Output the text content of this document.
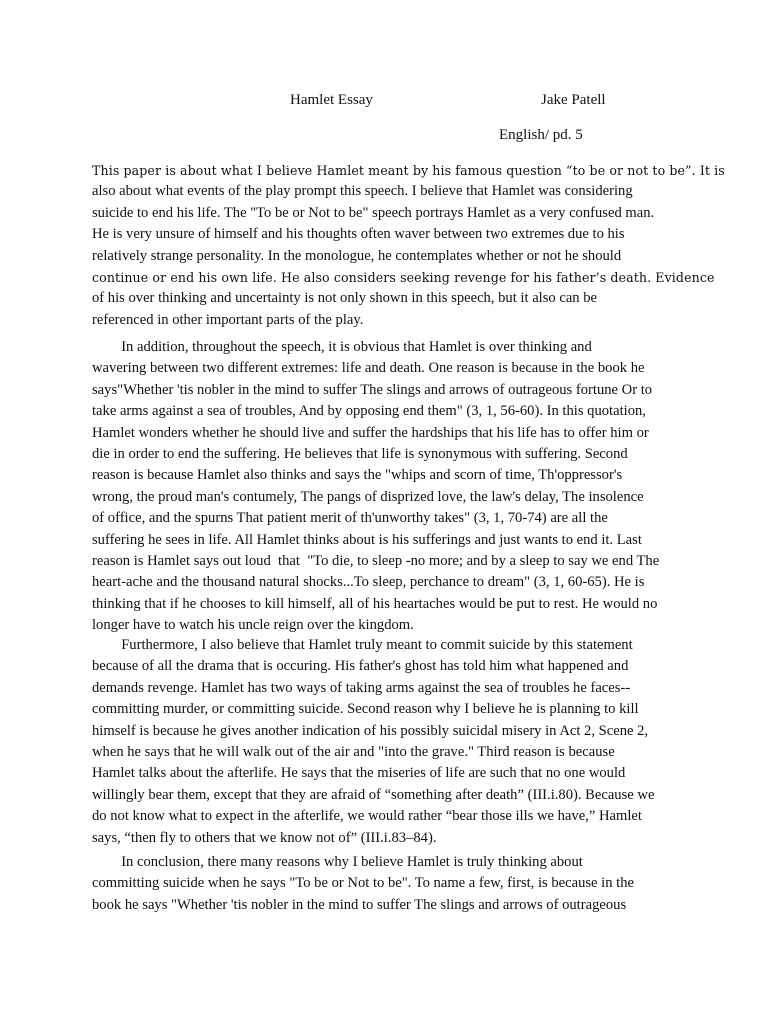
Hamlet Essay	Jake Patell
English/ pd. 5
This paper is about what I believe Hamlet meant by his famous question “to be or not to be”. It is
also about what events of the play prompt this speech. I believe that Hamlet was considering
suicide to end his life. The "To be or Not to be" speech portrays Hamlet as a very confused man.
He is very unsure of himself and his thoughts often waver between two extremes due to his
relatively strange personality. In the monologue, he contemplates whether or not he should
continue or end his own life. He also considers seeking revenge for his father’s death. Evidence
of his over thinking and uncertainty is not only shown in this speech, but it also can be
referenced in other important parts of the play.
In addition, throughout the speech, it is obvious that Hamlet is over thinking and
wavering between two different extremes: life and death. One reason is because in the book he
says"Whether 'tis nobler in the mind to suffer The slings and arrows of outrageous fortune Or to
take arms against a sea of troubles, And by opposing end them" (3, 1, 56-60). In this quotation,
Hamlet wonders whether he should live and suffer the hardships that his life has to offer him or
die in order to end the suffering. He believes that life is synonymous with suffering. Second
reason is because Hamlet also thinks and says the "whips and scorn of time, Th'oppressor's
wrong, the proud man's contumely, The pangs of disprized love, the law's delay, The insolence
of office, and the spurns That patient merit of th'unworthy takes" (3, 1, 70-74) are all the
suffering he sees in life. All Hamlet thinks about is his sufferings and just wants to end it. Last
reason is Hamlet says out loud  that  "To die, to sleep -no more; and by a sleep to say we end The
heart-ache and the thousand natural shocks...To sleep, perchance to dream" (3, 1, 60-65). He is
thinking that if he chooses to kill himself, all of his heartaches would be put to rest. He would no
longer have to watch his uncle reign over the kingdom.
Furthermore, I also believe that Hamlet truly meant to commit suicide by this statement
because of all the drama that is occuring. His father's ghost has told him what happened and
demands revenge. Hamlet has two ways of taking arms against the sea of troubles he faces--
committing murder, or committing suicide. Second reason why I believe he is planning to kill
himself is because he gives another indication of his possibly suicidal misery in Act 2, Scene 2,
when he says that he will walk out of the air and "into the grave." Third reason is because
Hamlet talks about the afterlife. He says that the miseries of life are such that no one would
willingly bear them, except that they are afraid of “something after death” (III.i.80). Because we
do not know what to expect in the afterlife, we would rather “bear those ills we have,” Hamlet
says, “then fly to others that we know not of” (III.i.83–84).
In conclusion, there many reasons why I believe Hamlet is truly thinking about
committing suicide when he says "To be or Not to be". To name a few, first, is because in the
book he says "Whether 'tis nobler in the mind to suffer The slings and arrows of outrageous
